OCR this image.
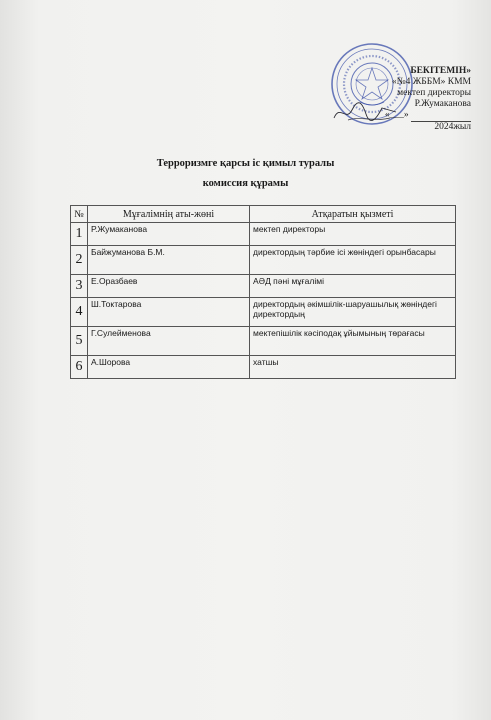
БЕКІТЕМІН»
«№4 ЖББМ» КММ
мектеп директоры
Р.Жумаканова
«___»
2024жыл
Терроризмге қарсы іс қимыл туралы
комиссия құрамы
№	Мұғалімнің аты-жөні	Атқаратын қызметі
1	Р.Жумаканова	мектеп директоры
2	Байжуманова Б.М.	директордың тәрбие ісі жөніндегі орынбасары
3	Е.Оразбаев	АӘД пәні мұғалімі
4	Ш.Токтарова	директордың әкімшілік-шаруашылық жөніндегі директордың
5	Г.Сулейменова	мектепішілік кәсіподақ ұйымының төрағасы
6	А.Шорова	хатшы
